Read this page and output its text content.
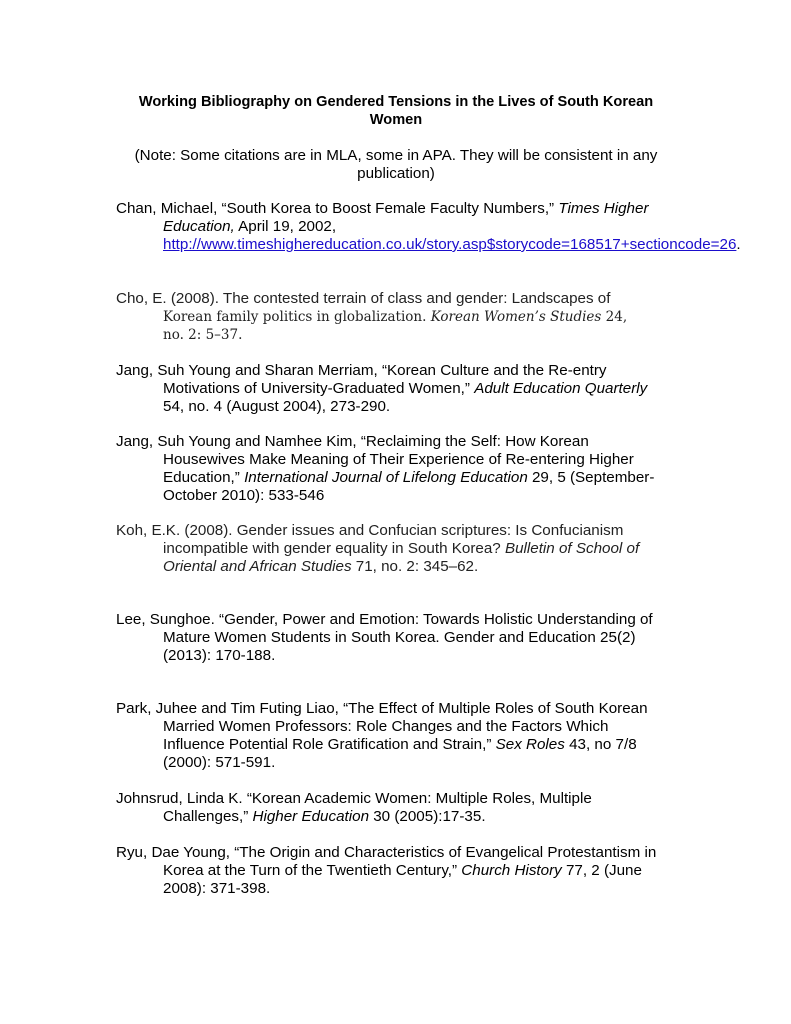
Working Bibliography on Gendered Tensions in the Lives of South Korean Women
(Note: Some citations are in MLA, some in APA. They will be consistent in any publication)
Chan, Michael, “South Korea to Boost Female Faculty Numbers,” Times Higher Education, April 19, 2002, http://www.timeshighereducation.co.uk/story.asp$storycode=168517+sectioncode=26.
Cho, E. (2008). The contested terrain of class and gender: Landscapes of Korean family politics in globalization. Korean Women’s Studies 24, no. 2: 5–37.
Jang, Suh Young and Sharan Merriam, “Korean Culture and the Re-entry Motivations of University-Graduated Women,” Adult Education Quarterly 54, no. 4 (August 2004), 273-290.
Jang, Suh Young and Namhee Kim, “Reclaiming the Self: How Korean Housewives Make Meaning of Their Experience of Re-entering Higher Education,” International Journal of Lifelong Education 29, 5 (September-October 2010): 533-546
Koh, E.K. (2008). Gender issues and Confucian scriptures: Is Confucianism incompatible with gender equality in South Korea? Bulletin of School of Oriental and African Studies 71, no. 2: 345–62.
Lee, Sunghoe. “Gender, Power and Emotion: Towards Holistic Understanding of Mature Women Students in South Korea. Gender and Education 25(2) (2013): 170-188.
Park, Juhee and Tim Futing Liao, “The Effect of Multiple Roles of South Korean Married Women Professors: Role Changes and the Factors Which Influence Potential Role Gratification and Strain,” Sex Roles 43, no 7/8 (2000): 571-591.
Johnsrud, Linda K. “Korean Academic Women: Multiple Roles, Multiple Challenges,” Higher Education 30 (2005):17-35.
Ryu, Dae Young, “The Origin and Characteristics of Evangelical Protestantism in Korea at the Turn of the Twentieth Century,” Church History 77, 2 (June 2008): 371-398.
